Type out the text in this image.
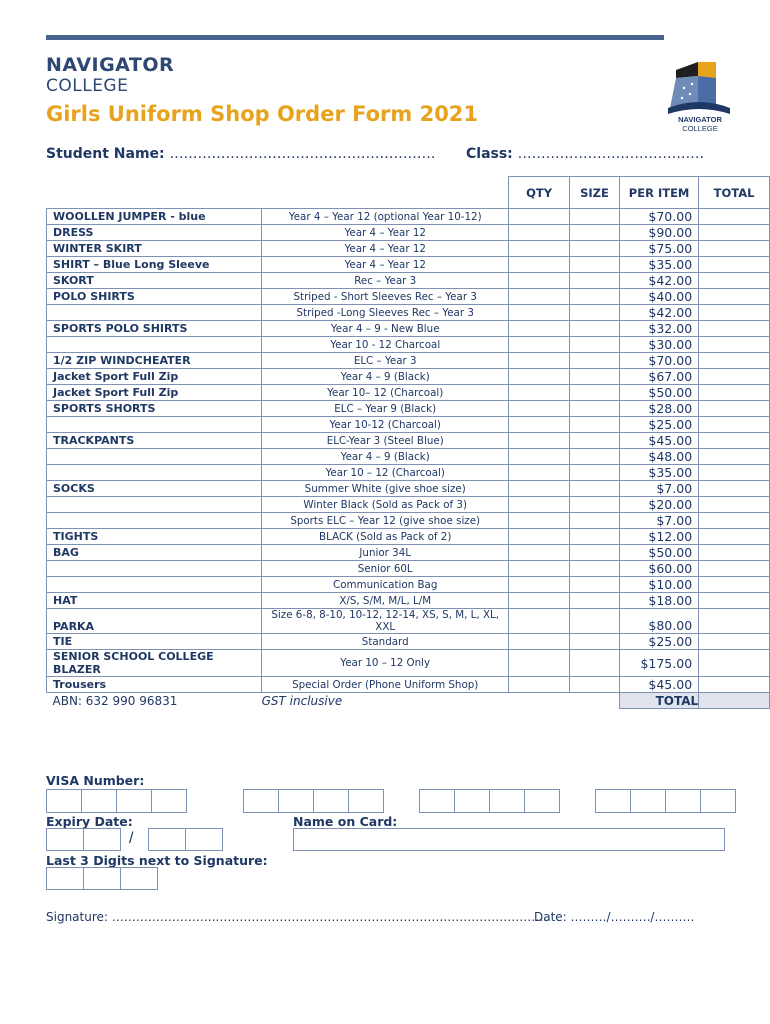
NAVIGATOR
COLLEGE
Girls Uniform Shop Order Form 2021	NAVIGATOR
COLLEGE
Student Name: ………………………………………………… Class: ……………………………….…
		QTY	SIZE	PER ITEM	TOTAL
WOOLLEN JUMPER - blue	Year 4 – Year 12 (optional Year 10-12)			$70.00	
DRESS	Year 4 – Year 12			$90.00	
WINTER SKIRT	Year 4 – Year 12			$75.00	
SHIRT – Blue Long Sleeve	Year 4 – Year 12			$35.00	
SKORT	Rec – Year 3			$42.00	
POLO SHIRTS	Striped - Short Sleeves Rec – Year 3			$40.00	
	Striped -Long Sleeves Rec – Year 3			$42.00	
SPORTS POLO SHIRTS	Year 4 – 9 - New Blue			$32.00	
	Year 10 - 12 Charcoal			$30.00	
1/2 ZIP WINDCHEATER	ELC – Year 3			$70.00	
Jacket Sport Full Zip	Year 4 – 9 (Black)			$67.00	
Jacket Sport Full Zip	Year 10– 12 (Charcoal)			$50.00	
SPORTS SHORTS	ELC – Year 9 (Black)			$28.00	
	Year 10-12 (Charcoal)			$25.00	
TRACKPANTS	ELC-Year 3 (Steel Blue)			$45.00	
	Year 4 – 9 (Black)			$48.00	
	Year 10 – 12 (Charcoal)			$35.00	
SOCKS	Summer White (give shoe size)			$7.00	
	Winter Black (Sold as Pack of 3)			$20.00	
	Sports ELC – Year 12 (give shoe size)			$7.00	
TIGHTS	BLACK (Sold as Pack of 2)			$12.00	
BAG	Junior 34L			$50.00	
	Senior 60L			$60.00	
	Communication Bag			$10.00	
HAT	X/S, S/M, M/L, L/M			$18.00	
PARKA	Size 6-8, 8-10, 10-12, 12-14, XS, S, M, L, XL, XXL			$80.00	
TIE	Standard			$25.00	
SENIOR SCHOOL COLLEGE BLAZER	Year 10 – 12 Only			$175.00	
Trousers	Special Order (Phone Uniform Shop)			$45.00	
ABN: 632 990 96831	GST inclusive			TOTAL	
VISA Number:
Expiry Date:
/
Name on Card:
Last 3 Digits next to Signature:
Signature: ……………………..………………………………………………….…………………….
Date: ………/………./……….
